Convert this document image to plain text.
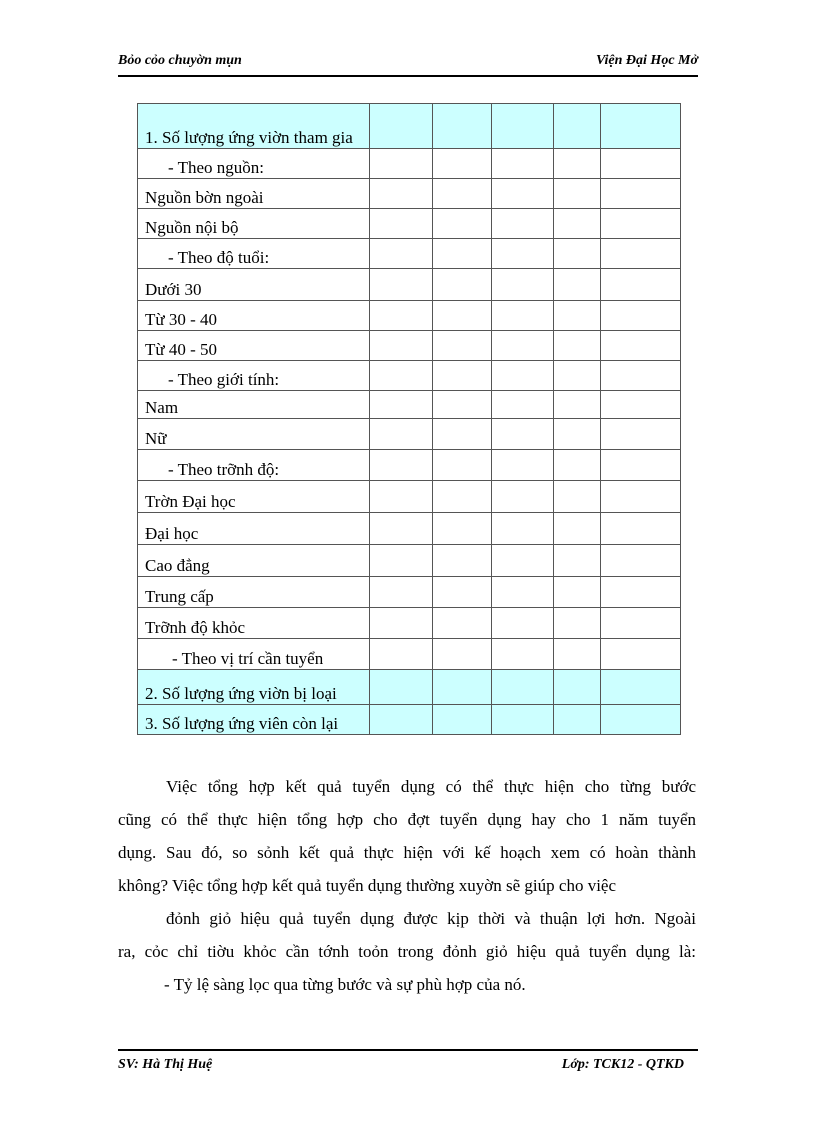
Bỏo cỏo chuyờn mụn	Viện Đại Học Mở
1. Số lượng ứng viờn tham gia					
- Theo nguồn:					
Nguồn bờn ngoài					
Nguồn nội bộ					
- Theo độ tuổi:					
Dưới 30					
Từ 30 - 40					
Từ 40 - 50					
- Theo giới tính:					
Nam					
Nữ					
- Theo trỡnh độ:					
Trờn Đại học					
Đại học					
Cao đẳng					
Trung cấp					
Trỡnh độ khỏc					
- Theo vị trí cần tuyển					
2. Số lượng ứng viờn bị loại					
3. Số lượng ứng viên còn lại					

Việc tổng hợp kết quả tuyển dụng có thể thực hiện cho từng bước

cũng có thể thực hiện tổng hợp cho đợt tuyển dụng hay cho 1 năm tuyển

dụng. Sau đó, so sỏnh kết quả thực hiện với kế hoạch xem có hoàn thành

không? Việc tổng hợp kết quả tuyển dụng thường xuyờn sẽ giúp cho việc

đỏnh giỏ hiệu quả tuyển dụng được kịp thời và thuận lợi hơn. Ngoài

ra, cỏc chỉ tiờu khỏc cần tớnh toỏn trong đỏnh giỏ hiệu quả tuyển dụng là:

- Tỷ lệ sàng lọc qua từng bước và sự phù hợp của nó.

SV: Hà Thị Huệ	Lớp: TCK12 - QTKD
